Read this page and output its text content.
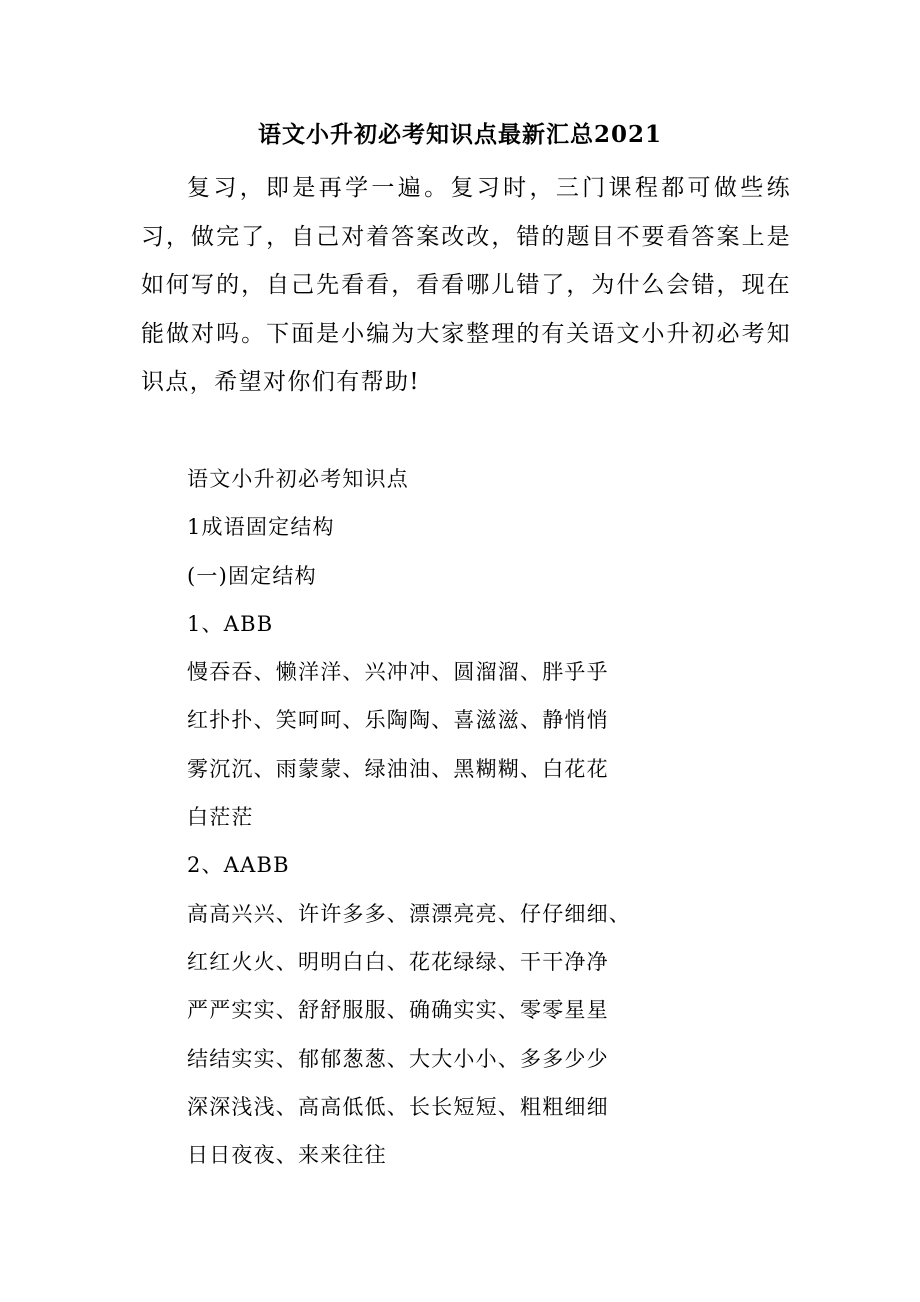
语文小升初必考知识点最新汇总2021

复习，即是再学一遍。复习时，三门课程都可做些练习，做完了，自己对着答案改改，错的题目不要看答案上是如何写的，自己先看看，看看哪儿错了，为什么会错，现在能做对吗。下面是小编为大家整理的有关语文小升初必考知识点，希望对你们有帮助!

语文小升初必考知识点
1成语固定结构
(一)固定结构
1、ABB
慢吞吞、懒洋洋、兴冲冲、圆溜溜、胖乎乎
红扑扑、笑呵呵、乐陶陶、喜滋滋、静悄悄
雾沉沉、雨蒙蒙、绿油油、黑糊糊、白花花
白茫茫
2、AABB
高高兴兴、许许多多、漂漂亮亮、仔仔细细、
红红火火、明明白白、花花绿绿、干干净净
严严实实、舒舒服服、确确实实、零零星星
结结实实、郁郁葱葱、大大小小、多多少少
深深浅浅、高高低低、长长短短、粗粗细细
日日夜夜、来来往往
